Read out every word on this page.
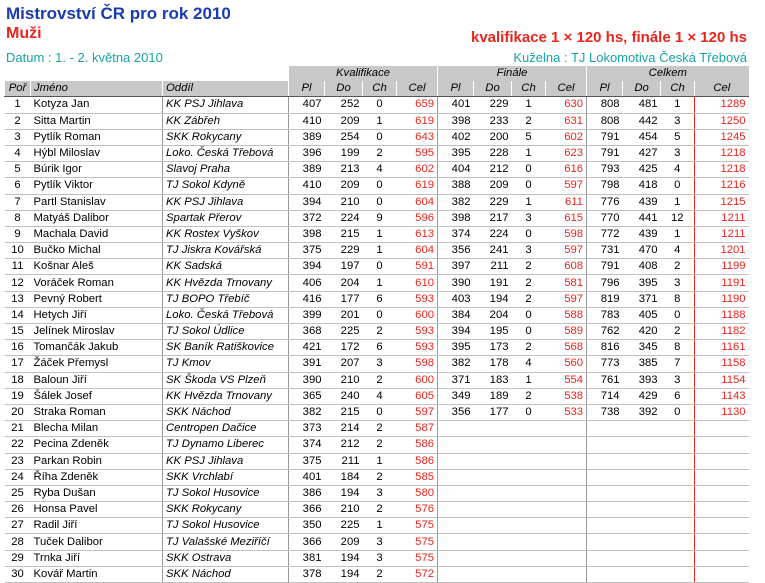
Mistrovství ČR pro rok 2010
Muži	kvalifikace 1 × 120 hs, finále 1 × 120 hs
Datum : 1. - 2. května 2010	Kuželna : TJ Lokomotiva Česká Třebová
			Kvalifikace				Finále				Celkem			
Poř	Jméno	Oddíl	Pl	Do	Ch	Cel	Pl	Do	Ch	Cel	Pl	Do	Ch	Cel
1	Kotyza Jan	KK PSJ Jihlava	407	252	0	659	401	229	1	630	808	481	1	1289
2	Sitta Martin	KK Zábřeh	410	209	1	619	398	233	2	631	808	442	3	1250
3	Pytlík Roman	SKK Rokycany	389	254	0	643	402	200	5	602	791	454	5	1245
4	Hýbl Miloslav	Loko. Česká Třebová	396	199	2	595	395	228	1	623	791	427	3	1218
5	Búrik Igor	Slavoj Praha	389	213	4	602	404	212	0	616	793	425	4	1218
6	Pytlík Viktor	TJ Sokol Kdyně	410	209	0	619	388	209	0	597	798	418	0	1216
7	Partl Stanislav	KK PSJ Jihlava	394	210	0	604	382	229	1	611	776	439	1	1215
8	Matyáš Dalibor	Spartak Přerov	372	224	9	596	398	217	3	615	770	441	12	1211
9	Machala David	KK Rostex Vyškov	398	215	1	613	374	224	0	598	772	439	1	1211
10	Bučko Michal	TJ Jiskra Kovářská	375	229	1	604	356	241	3	597	731	470	4	1201
11	Košnar Aleš	KK Sadská	394	197	0	591	397	211	2	608	791	408	2	1199
12	Voráček Roman	KK Hvězda Trnovany	406	204	1	610	390	191	2	581	796	395	3	1191
13	Pevný Robert	TJ BOPO Třebíč	416	177	6	593	403	194	2	597	819	371	8	1190
14	Hetych Jiří	Loko. Česká Třebová	399	201	0	600	384	204	0	588	783	405	0	1188
15	Jelínek Miroslav	TJ Sokol Údlice	368	225	2	593	394	195	0	589	762	420	2	1182
16	Tomančák Jakub	SK Baník Ratiškovice	421	172	6	593	395	173	2	568	816	345	8	1161
17	Žáček Přemysl	TJ Kmov	391	207	3	598	382	178	4	560	773	385	7	1158
18	Baloun Jiří	SK Škoda VS Plzeň	390	210	2	600	371	183	1	554	761	393	3	1154
19	Šálek Josef	KK Hvězda Trnovany	365	240	4	605	349	189	2	538	714	429	6	1143
20	Straka Roman	SKK Náchod	382	215	0	597	356	177	0	533	738	392	0	1130
21	Blecha Milan	Centropen Dačice	373	214	2	587								
22	Pecina Zdeněk	TJ Dynamo Liberec	374	212	2	586								
23	Parkan Robin	KK PSJ Jihlava	375	211	1	586								
24	Říha Zdeněk	SKK Vrchlabí	401	184	2	585								
25	Ryba Dušan	TJ Sokol Husovice	386	194	3	580								
26	Honsa Pavel	SKK Rokycany	366	210	2	576								
27	Radil Jiří	TJ Sokol Husovice	350	225	1	575								
28	Tuček Dalibor	TJ Valašské Meziříčí	366	209	3	575								
29	Trnka Jiří	SKK Ostrava	381	194	3	575								
30	Kovář Martin	SKK Náchod	378	194	2	572								
